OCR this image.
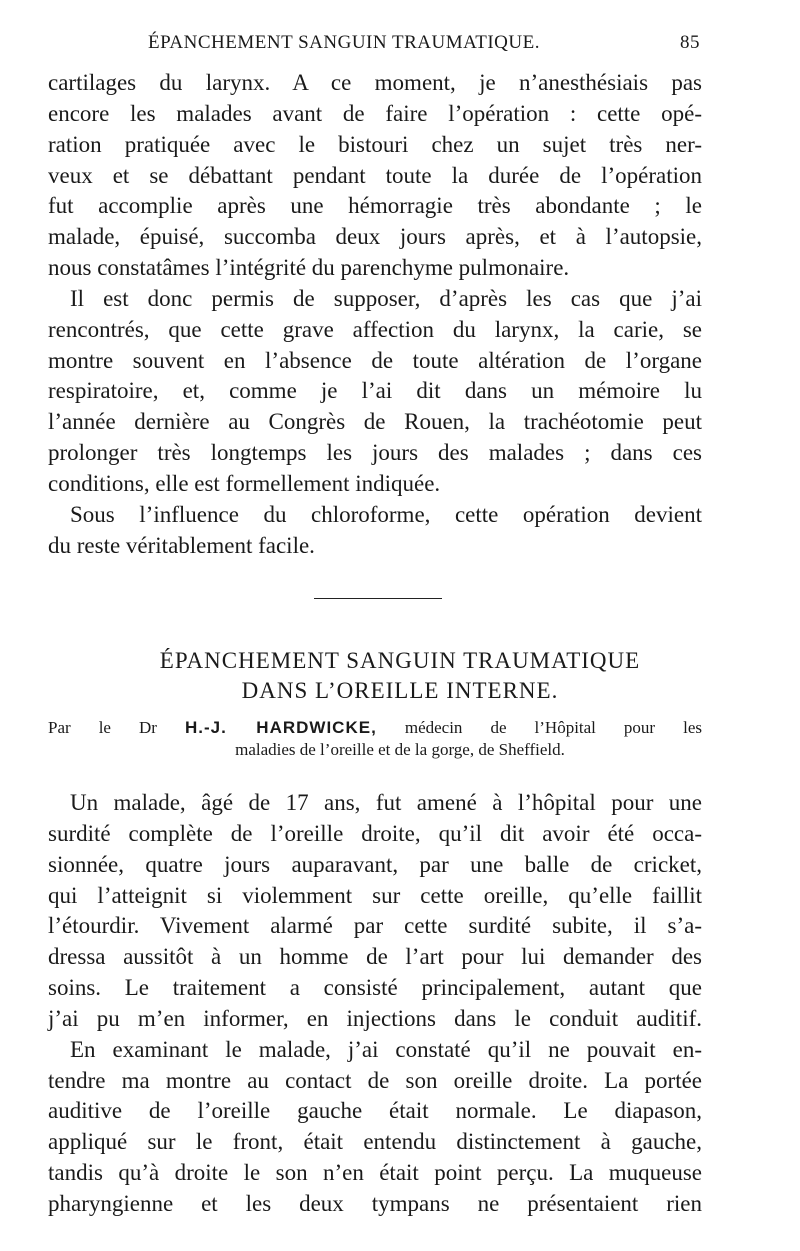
ÉPANCHEMENT SANGUIN TRAUMATIQUE.	85
cartilages du larynx. A ce moment, je n’anesthésiais pas
encore les malades avant de faire l’opération : cette opé-
ration pratiquée avec le bistouri chez un sujet très ner-
veux et se débattant pendant toute la durée de l’opération
fut accomplie après une hémorragie très abondante ; le
malade, épuisé, succomba deux jours après, et à l’autopsie,
nous constatâmes l’intégrité du parenchyme pulmonaire.
Il est donc permis de supposer, d’après les cas que j’ai
rencontrés, que cette grave affection du larynx, la carie, se
montre souvent en l’absence de toute altération de l’organe
respiratoire, et, comme je l’ai dit dans un mémoire lu
l’année dernière au Congrès de Rouen, la trachéotomie peut
prolonger très longtemps les jours des malades ; dans ces
conditions, elle est formellement indiquée.
Sous l’influence du chloroforme, cette opération devient
du reste véritablement facile.
ÉPANCHEMENT SANGUIN TRAUMATIQUE
DANS L’OREILLE INTERNE.
Par le Dr H.-J. HARDWICKE, médecin de l’Hôpital pour les
maladies de l’oreille et de la gorge, de Sheffield.
Un malade, âgé de 17 ans, fut amené à l’hôpital pour une
surdité complète de l’oreille droite, qu’il dit avoir été occa-
sionnée, quatre jours auparavant, par une balle de cricket,
qui l’atteignit si violemment sur cette oreille, qu’elle faillit
l’étourdir. Vivement alarmé par cette surdité subite, il s’a-
dressa aussitôt à un homme de l’art pour lui demander des
soins. Le traitement a consisté principalement, autant que
j’ai pu m’en informer, en injections dans le conduit auditif.
En examinant le malade, j’ai constaté qu’il ne pouvait en-
tendre ma montre au contact de son oreille droite. La portée
auditive de l’oreille gauche était normale. Le diapason,
appliqué sur le front, était entendu distinctement à gauche,
tandis qu’à droite le son n’en était point perçu. La muqueuse
pharyngienne et les deux tympans ne présentaient rien
